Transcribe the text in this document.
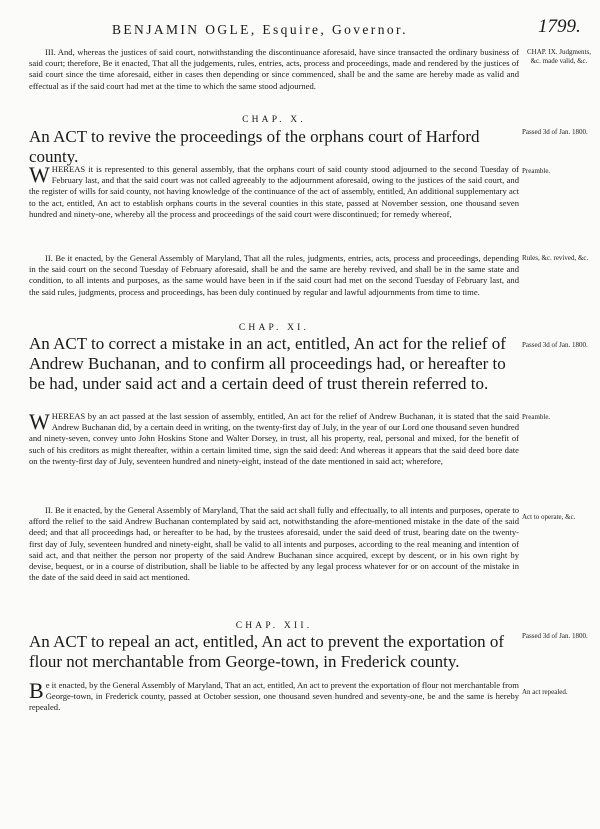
BENJAMIN OGLE, Esquire, Governor.	1799.
III. And, whereas the justices of said court, notwithstanding the discontinuance aforesaid, have since transacted the ordinary business of said court; therefore, Be it enacted, That all the judgements, rules, entries, acts, process and proceedings, made and rendered by the justices of said court since the time aforesaid, either in cases then depending or since commenced, shall be and the same are hereby made as valid and effectual as if the said court had met at the time to which the same stood adjourned.
CHAP. IX. Judgments, &c. made valid, &c.
CHAP. X.
An ACT to revive the proceedings of the orphans court of Harford county.
Passed 3d of Jan. 1800.
WHEREAS it is represented to this general assembly, that the orphans court of said county stood adjourned to the second Tuesday of February last, and that the said court was not called agreeably to the adjournment aforesaid, owing to the justices of the said court, and the register of wills for said county, not having knowledge of the continuance of the act of assembly, entitled, An additional supplementary act to the act, entitled, An act to establish orphans courts in the several counties in this state, passed at November session, one thousand seven hundred and ninety-one, whereby all the process and proceedings of the said court were discontinued; for remedy whereof,
Preamble.
II. Be it enacted, by the General Assembly of Maryland, That all the rules, judgments, entries, acts, process and proceedings, depending in the said court on the second Tuesday of February aforesaid, shall be and the same are hereby revived, and shall be in the same state and condition, to all intents and purposes, as the same would have been in if the said court had met on the second Tuesday of February last, and the said rules, judgments, process and proceedings, has been duly continued by regular and lawful adjournments from time to time.
Rules, &c. revived, &c.
CHAP. XI.
An ACT to correct a mistake in an act, entitled, An act for the relief of Andrew Buchanan, and to confirm all proceedings had, or hereafter to be had, under said act and a certain deed of trust therein referred to.
Passed 3d of Jan. 1800.
WHEREAS by an act passed at the last session of assembly, entitled, An act for the relief of Andrew Buchanan, it is stated that the said Andrew Buchanan did, by a certain deed in writing, on the twenty-first day of July, in the year of our Lord one thousand seven hundred and ninety-seven, convey unto John Hoskins Stone and Walter Dorsey, in trust, all his property, real, personal and mixed, for the benefit of such of his creditors as might thereafter, within a certain limited time, sign the said deed: And whereas it appears that the said deed bore date on the twenty-first day of July, seventeen hundred and ninety-eight, instead of the date mentioned in said act; wherefore,
Preamble.
II. Be it enacted, by the General Assembly of Maryland, That the said act shall fully and effectually, to all intents and purposes, operate to afford the relief to the said Andrew Buchanan contemplated by said act, notwithstanding the afore-mentioned mistake in the date of the said deed; and that all proceedings had, or hereafter to be had, by the trustees aforesaid, under the said deed of trust, bearing date on the twenty-first day of July, seventeen hundred and ninety-eight, shall be valid to all intents and purposes, according to the real meaning and intention of said act, and that neither the person nor property of the said Andrew Buchanan since acquired, except by descent, or in his own right by devise, bequest, or in a course of distribution, shall be liable to be affected by any legal process whatever for or on account of the mistake in the date of the said deed in said act mentioned.
Act to operate, &c.
CHAP. XII.
An ACT to repeal an act, entitled, An act to prevent the exportation of flour not merchantable from George-town, in Frederick county.
Passed 3d of Jan. 1800.
Be it enacted, by the General Assembly of Maryland, That an act, entitled, An act to prevent the exportation of flour not merchantable from George-town, in Frederick county, passed at October session, one thousand seven hundred and seventy-one, be and the same is hereby repealed.
An act repealed.
